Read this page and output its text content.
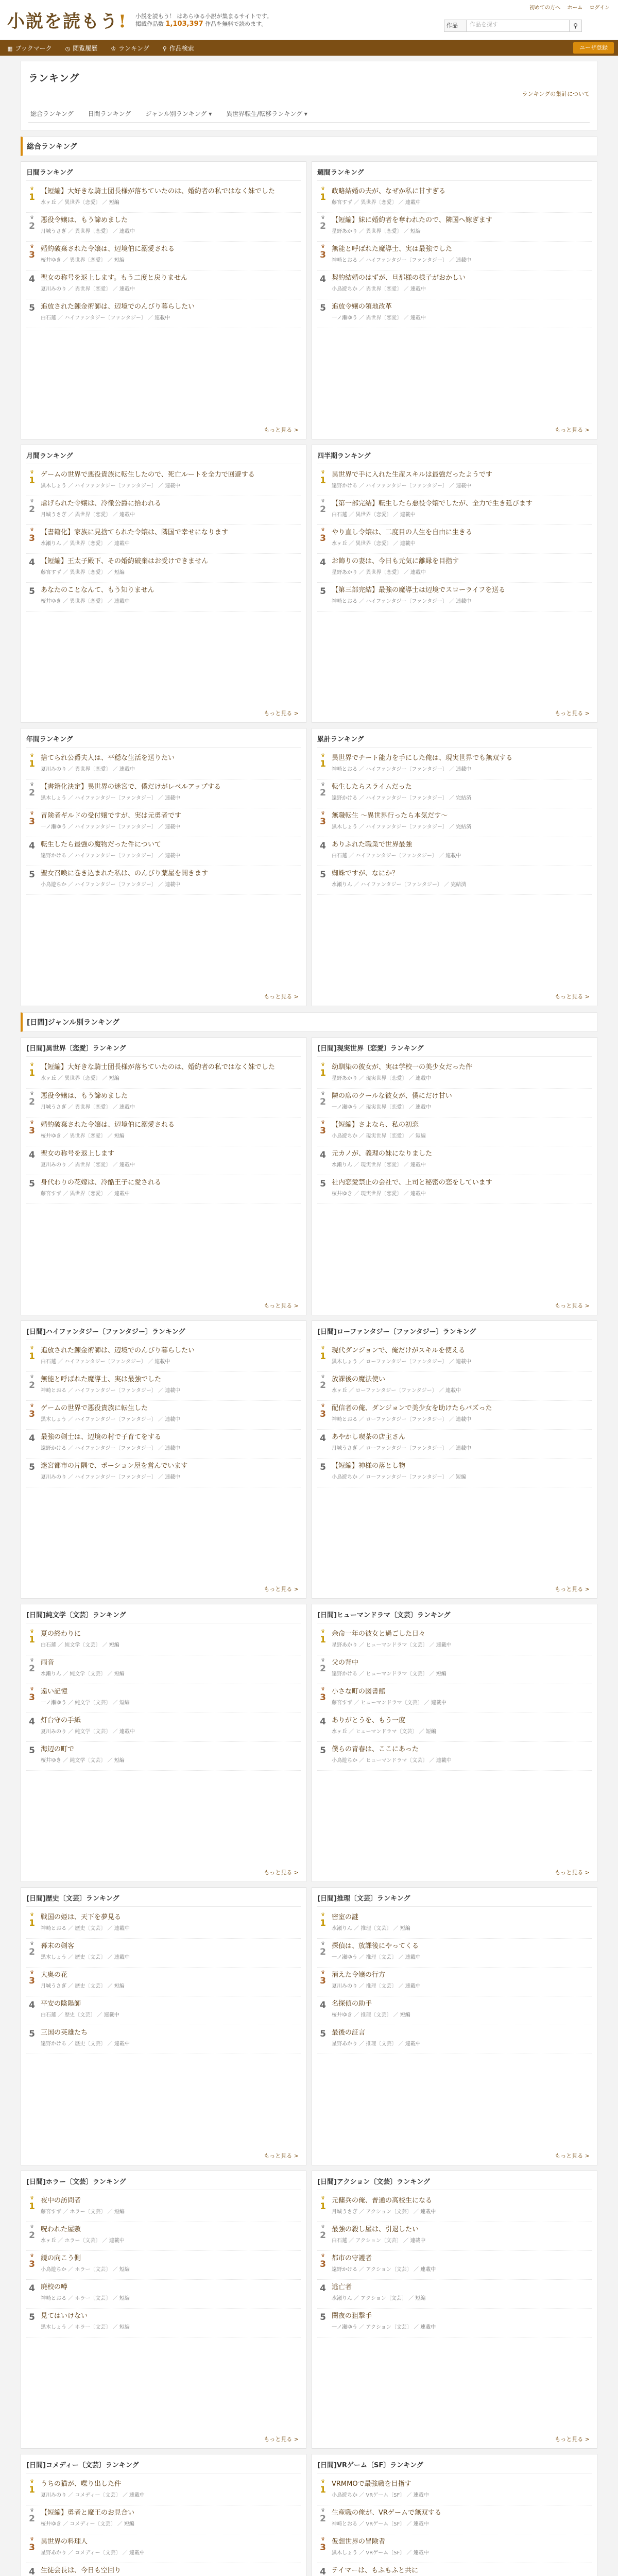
小説を読もう! 小説を読もう！ はあらゆる小説が集まるサイトです。
掲載作品数 1,103,397 作品を無料で読めます。
初めての方へ ホーム ログイン
作品	作品を探す	⚲
▦ ブックマーク ◷ 閲覧履歴 ♔ ランキング ⚲ 作品検索	ユーザ登録
ランキング
ランキングの集計について
総合ランキング	日間ランキング	ジャンル別ランキング ▾	異世界転生/転移ランキング ▾
総合ランキング
日間ランキング
♛
1
【短編】大好きな騎士団長様が落ちていたのは、婚約者の私ではなく妹でした
水ヶ丘 ／ 異世界〔恋愛〕 ／ 短編
♛
2
悪役令嬢は、もう諦めました
月城うさぎ ／ 異世界〔恋愛〕 ／ 連載中
♛
3
婚約破棄された令嬢は、辺境伯に溺愛される
桜井ゆき ／ 異世界〔恋愛〕 ／ 短編
4 聖女の称号を返上します。もう二度と戻りません
夏川みのり ／ 異世界〔恋愛〕 ／ 連載中
5 追放された錬金術師は、辺境でのんびり暮らしたい
白石蓮 ／ ハイファンタジー〔ファンタジー〕 ／ 連載中
もっと見る >
週間ランキング
♛
1
政略結婚の夫が、なぜか私に甘すぎる
藤宮すず ／ 異世界〔恋愛〕 ／ 連載中
♛
2
【短編】妹に婚約者を奪われたので、隣国へ嫁ぎます
星野あかり ／ 異世界〔恋愛〕 ／ 短編
♛
3
無能と呼ばれた魔導士、実は最強でした
神崎とおる ／ ハイファンタジー〔ファンタジー〕 ／ 連載中
4 契約結婚のはずが、旦那様の様子がおかしい
小鳥遊ちか ／ 異世界〔恋愛〕 ／ 連載中
5 追放令嬢の領地改革
一ノ瀬ゆう ／ 異世界〔恋愛〕 ／ 連載中
もっと見る >
月間ランキング
♛
1
ゲームの世界で悪役貴族に転生したので、死亡ルートを全力で回避する
黒木しょう ／ ハイファンタジー〔ファンタジー〕 ／ 連載中
♛
2
虐げられた令嬢は、冷徹公爵に拾われる
月城うさぎ ／ 異世界〔恋愛〕 ／ 連載中
♛
3
【書籍化】家族に見捨てられた令嬢は、隣国で幸せになります
水瀬りん ／ 異世界〔恋愛〕 ／ 連載中
4 【短編】王太子殿下、その婚約破棄はお受けできません
藤宮すず ／ 異世界〔恋愛〕 ／ 短編
5 あなたのことなんて、もう知りません
桜井ゆき ／ 異世界〔恋愛〕 ／ 連載中
もっと見る >
四半期ランキング
♛
1
異世界で手に入れた生産スキルは最強だったようです
遠野かける ／ ハイファンタジー〔ファンタジー〕 ／ 連載中
♛
2
【第一部完結】転生したら悪役令嬢でしたが、全力で生き延びます
白石蓮 ／ 異世界〔恋愛〕 ／ 連載中
♛
3
やり直し令嬢は、二度目の人生を自由に生きる
水ヶ丘 ／ 異世界〔恋愛〕 ／ 連載中
4 お飾りの妻は、今日も元気に離縁を目指す
星野あかり ／ 異世界〔恋愛〕 ／ 連載中
5 【第三部完結】最強の魔導士は辺境でスローライフを送る
神崎とおる ／ ハイファンタジー〔ファンタジー〕 ／ 連載中
もっと見る >
年間ランキング
♛
1
捨てられ公爵夫人は、平穏な生活を送りたい
夏川みのり ／ 異世界〔恋愛〕 ／ 連載中
♛
2
【書籍化決定】異世界の迷宮で、僕だけがレベルアップする
黒木しょう ／ ハイファンタジー〔ファンタジー〕 ／ 連載中
♛
3
冒険者ギルドの受付嬢ですが、実は元勇者です
一ノ瀬ゆう ／ ハイファンタジー〔ファンタジー〕 ／ 連載中
4 転生したら最強の魔物だった件について
遠野かける ／ ハイファンタジー〔ファンタジー〕 ／ 連載中
5 聖女召喚に巻き込まれた私は、のんびり薬屋を開きます
小鳥遊ちか ／ ハイファンタジー〔ファンタジー〕 ／ 連載中
もっと見る >
累計ランキング
♛
1
異世界でチート能力を手にした俺は、現実世界でも無双する
神崎とおる ／ ハイファンタジー〔ファンタジー〕 ／ 連載中
♛
2
転生したらスライムだった
遠野かける ／ ハイファンタジー〔ファンタジー〕 ／ 完結済
♛
3
無職転生 ～異世界行ったら本気だす～
黒木しょう ／ ハイファンタジー〔ファンタジー〕 ／ 完結済
4 ありふれた職業で世界最強
白石蓮 ／ ハイファンタジー〔ファンタジー〕 ／ 連載中
5 蜘蛛ですが、なにか？
水瀬りん ／ ハイファンタジー〔ファンタジー〕 ／ 完結済
もっと見る >
[日間]ジャンル別ランキング
[日間]異世界〔恋愛〕ランキング
♛
1
【短編】大好きな騎士団長様が落ちていたのは、婚約者の私ではなく妹でした
水ヶ丘 ／ 異世界〔恋愛〕 ／ 短編
♛
2
悪役令嬢は、もう諦めました
月城うさぎ ／ 異世界〔恋愛〕 ／ 連載中
♛
3
婚約破棄された令嬢は、辺境伯に溺愛される
桜井ゆき ／ 異世界〔恋愛〕 ／ 短編
4 聖女の称号を返上します
夏川みのり ／ 異世界〔恋愛〕 ／ 連載中
5 身代わりの花嫁は、冷酷王子に愛される
藤宮すず ／ 異世界〔恋愛〕 ／ 連載中
もっと見る >
[日間]現実世界〔恋愛〕ランキング
♛
1
幼馴染の彼女が、実は学校一の美少女だった件
星野あかり ／ 現実世界〔恋愛〕 ／ 連載中
♛
2
隣の席のクールな彼女が、僕にだけ甘い
一ノ瀬ゆう ／ 現実世界〔恋愛〕 ／ 連載中
♛
3
【短編】さよなら、私の初恋
小鳥遊ちか ／ 現実世界〔恋愛〕 ／ 短編
4 元カノが、義理の妹になりました
水瀬りん ／ 現実世界〔恋愛〕 ／ 連載中
5 社内恋愛禁止の会社で、上司と秘密の恋をしています
桜井ゆき ／ 現実世界〔恋愛〕 ／ 連載中
もっと見る >
[日間]ハイファンタジー〔ファンタジー〕ランキング
♛
1
追放された錬金術師は、辺境でのんびり暮らしたい
白石蓮 ／ ハイファンタジー〔ファンタジー〕 ／ 連載中
♛
2
無能と呼ばれた魔導士、実は最強でした
神崎とおる ／ ハイファンタジー〔ファンタジー〕 ／ 連載中
♛
3
ゲームの世界で悪役貴族に転生した
黒木しょう ／ ハイファンタジー〔ファンタジー〕 ／ 連載中
4 最強の剣士は、辺境の村で子育てをする
遠野かける ／ ハイファンタジー〔ファンタジー〕 ／ 連載中
5 迷宮都市の片隅で、ポーション屋を営んでいます
夏川みのり ／ ハイファンタジー〔ファンタジー〕 ／ 連載中
もっと見る >
[日間]ローファンタジー〔ファンタジー〕ランキング
♛
1
現代ダンジョンで、俺だけがスキルを使える
黒木しょう ／ ローファンタジー〔ファンタジー〕 ／ 連載中
♛
2
放課後の魔法使い
水ヶ丘 ／ ローファンタジー〔ファンタジー〕 ／ 連載中
♛
3
配信者の俺、ダンジョンで美少女を助けたらバズった
神崎とおる ／ ローファンタジー〔ファンタジー〕 ／ 連載中
4 あやかし喫茶の店主さん
月城うさぎ ／ ローファンタジー〔ファンタジー〕 ／ 連載中
5 【短編】神様の落とし物
小鳥遊ちか ／ ローファンタジー〔ファンタジー〕 ／ 短編
もっと見る >
[日間]純文学〔文芸〕ランキング
♛
1
夏の終わりに
白石蓮 ／ 純文学〔文芸〕 ／ 短編
♛
2
雨音
水瀬りん ／ 純文学〔文芸〕 ／ 短編
♛
3
遠い記憶
一ノ瀬ゆう ／ 純文学〔文芸〕 ／ 短編
4 灯台守の手紙
夏川みのり ／ 純文学〔文芸〕 ／ 連載中
5 海辺の町で
桜井ゆき ／ 純文学〔文芸〕 ／ 短編
もっと見る >
[日間]ヒューマンドラマ〔文芸〕ランキング
♛
1
余命一年の彼女と過ごした日々
星野あかり ／ ヒューマンドラマ〔文芸〕 ／ 連載中
♛
2
父の背中
遠野かける ／ ヒューマンドラマ〔文芸〕 ／ 短編
♛
3
小さな町の図書館
藤宮すず ／ ヒューマンドラマ〔文芸〕 ／ 連載中
4 ありがとうを、もう一度
水ヶ丘 ／ ヒューマンドラマ〔文芸〕 ／ 短編
5 僕らの青春は、ここにあった
小鳥遊ちか ／ ヒューマンドラマ〔文芸〕 ／ 連載中
もっと見る >
[日間]歴史〔文芸〕ランキング
♛
1
戦国の姫は、天下を夢見る
神崎とおる ／ 歴史〔文芸〕 ／ 連載中
♛
2
幕末の剣客
黒木しょう ／ 歴史〔文芸〕 ／ 連載中
♛
3
大奥の花
月城うさぎ ／ 歴史〔文芸〕 ／ 短編
4 平安の陰陽師
白石蓮 ／ 歴史〔文芸〕 ／ 連載中
5 三国の英雄たち
遠野かける ／ 歴史〔文芸〕 ／ 連載中
もっと見る >
[日間]推理〔文芸〕ランキング
♛
1
密室の謎
水瀬りん ／ 推理〔文芸〕 ／ 短編
♛
2
探偵は、放課後にやってくる
一ノ瀬ゆう ／ 推理〔文芸〕 ／ 連載中
♛
3
消えた令嬢の行方
夏川みのり ／ 推理〔文芸〕 ／ 連載中
4 名探偵の助手
桜井ゆき ／ 推理〔文芸〕 ／ 短編
5 最後の証言
星野あかり ／ 推理〔文芸〕 ／ 連載中
もっと見る >
[日間]ホラー〔文芸〕ランキング
♛
1
夜中の訪問者
藤宮すず ／ ホラー〔文芸〕 ／ 短編
♛
2
呪われた屋敷
水ヶ丘 ／ ホラー〔文芸〕 ／ 連載中
♛
3
鏡の向こう側
小鳥遊ちか ／ ホラー〔文芸〕 ／ 短編
4 廃校の噂
神崎とおる ／ ホラー〔文芸〕 ／ 短編
5 見てはいけない
黒木しょう ／ ホラー〔文芸〕 ／ 短編
もっと見る >
[日間]アクション〔文芸〕ランキング
♛
1
元傭兵の俺、普通の高校生になる
月城うさぎ ／ アクション〔文芸〕 ／ 連載中
♛
2
最強の殺し屋は、引退したい
白石蓮 ／ アクション〔文芸〕 ／ 連載中
♛
3
都市の守護者
遠野かける ／ アクション〔文芸〕 ／ 連載中
4 逃亡者
水瀬りん ／ アクション〔文芸〕 ／ 短編
5 闇夜の狙撃手
一ノ瀬ゆう ／ アクション〔文芸〕 ／ 連載中
もっと見る >
[日間]コメディー〔文芸〕ランキング
♛
1
うちの猫が、喋り出した件
夏川みのり ／ コメディー〔文芸〕 ／ 連載中
♛
2
【短編】勇者と魔王のお見合い
桜井ゆき ／ コメディー〔文芸〕 ／ 短編
♛
3
異世界の料理人
星野あかり ／ コメディー〔文芸〕 ／ 連載中
4 生徒会長は、今日も空回り
[日間]VRゲーム〔SF〕ランキング
♛
1
VRMMOで最強職を目指す
小鳥遊ちか ／ VRゲーム〔SF〕 ／ 連載中
♛
2
生産職の俺が、VRゲームで無双する
神崎とおる ／ VRゲーム〔SF〕 ／ 連載中
♛
3
仮想世界の冒険者
黒木しょう ／ VRゲーム〔SF〕 ／ 連載中
4 テイマーは、もふもふと共に
